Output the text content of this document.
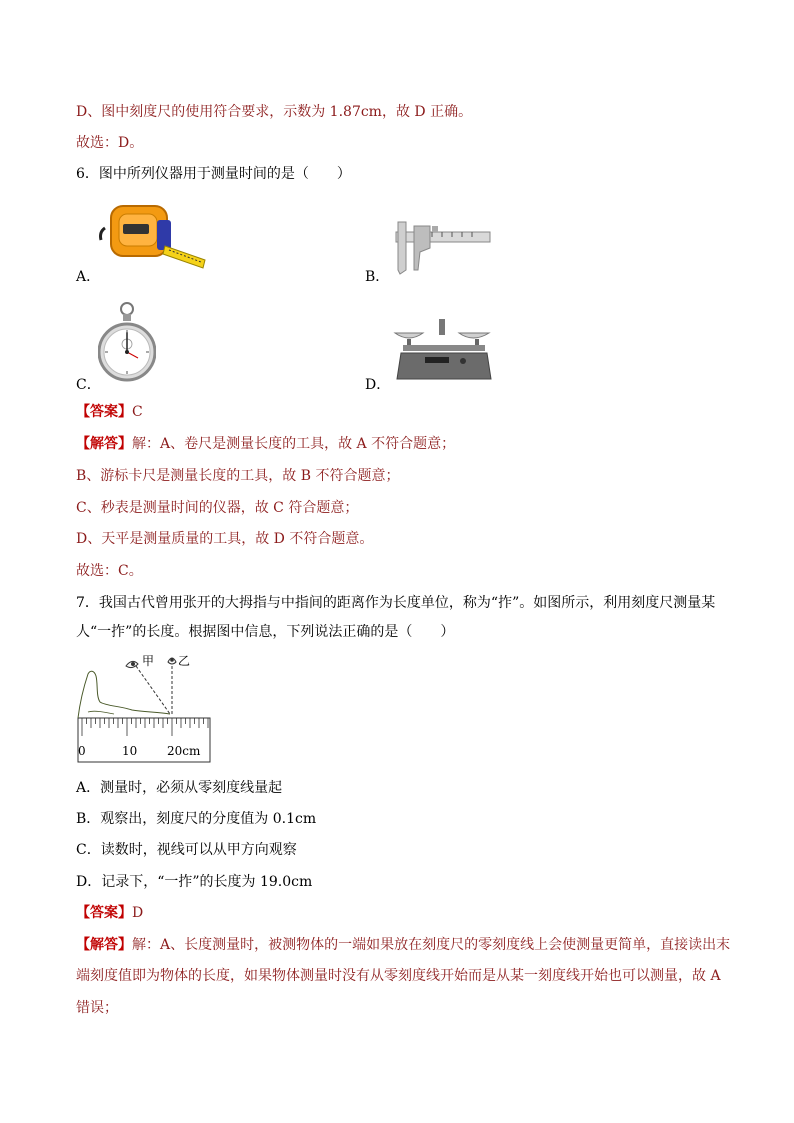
D、图中刻度尺的使用符合要求，示数为 1.87cm，故 D 正确。
故选：D。
6．图中所列仪器用于测量时间的是（　　）
A．	B．
C．	D．
【答案】C
【解答】解：A、卷尺是测量长度的工具，故 A 不符合题意；
B、游标卡尺是测量长度的工具，故 B 不符合题意；
C、秒表是测量时间的仪器，故 C 符合题意；
D、天平是测量质量的工具，故 D 不符合题意。
故选：C。
7．我国古代曾用张开的大拇指与中指间的距离作为长度单位，称为“拃”。如图所示，利用刻度尺测量某
人“一拃”的长度。根据图中信息，下列说法正确的是（　　）
甲 乙
0	10 20cm
A．测量时，必须从零刻度线量起
B．观察出，刻度尺的分度值为 0.1cm
C．读数时，视线可以从甲方向观察
D．记录下，“一拃”的长度为 19.0cm
【答案】D
【解答】解：A、长度测量时，被测物体的一端如果放在刻度尺的零刻度线上会使测量更简单，直接读出末
端刻度值即为物体的长度，如果物体测量时没有从零刻度线开始而是从某一刻度线开始也可以测量，故 A
错误；
